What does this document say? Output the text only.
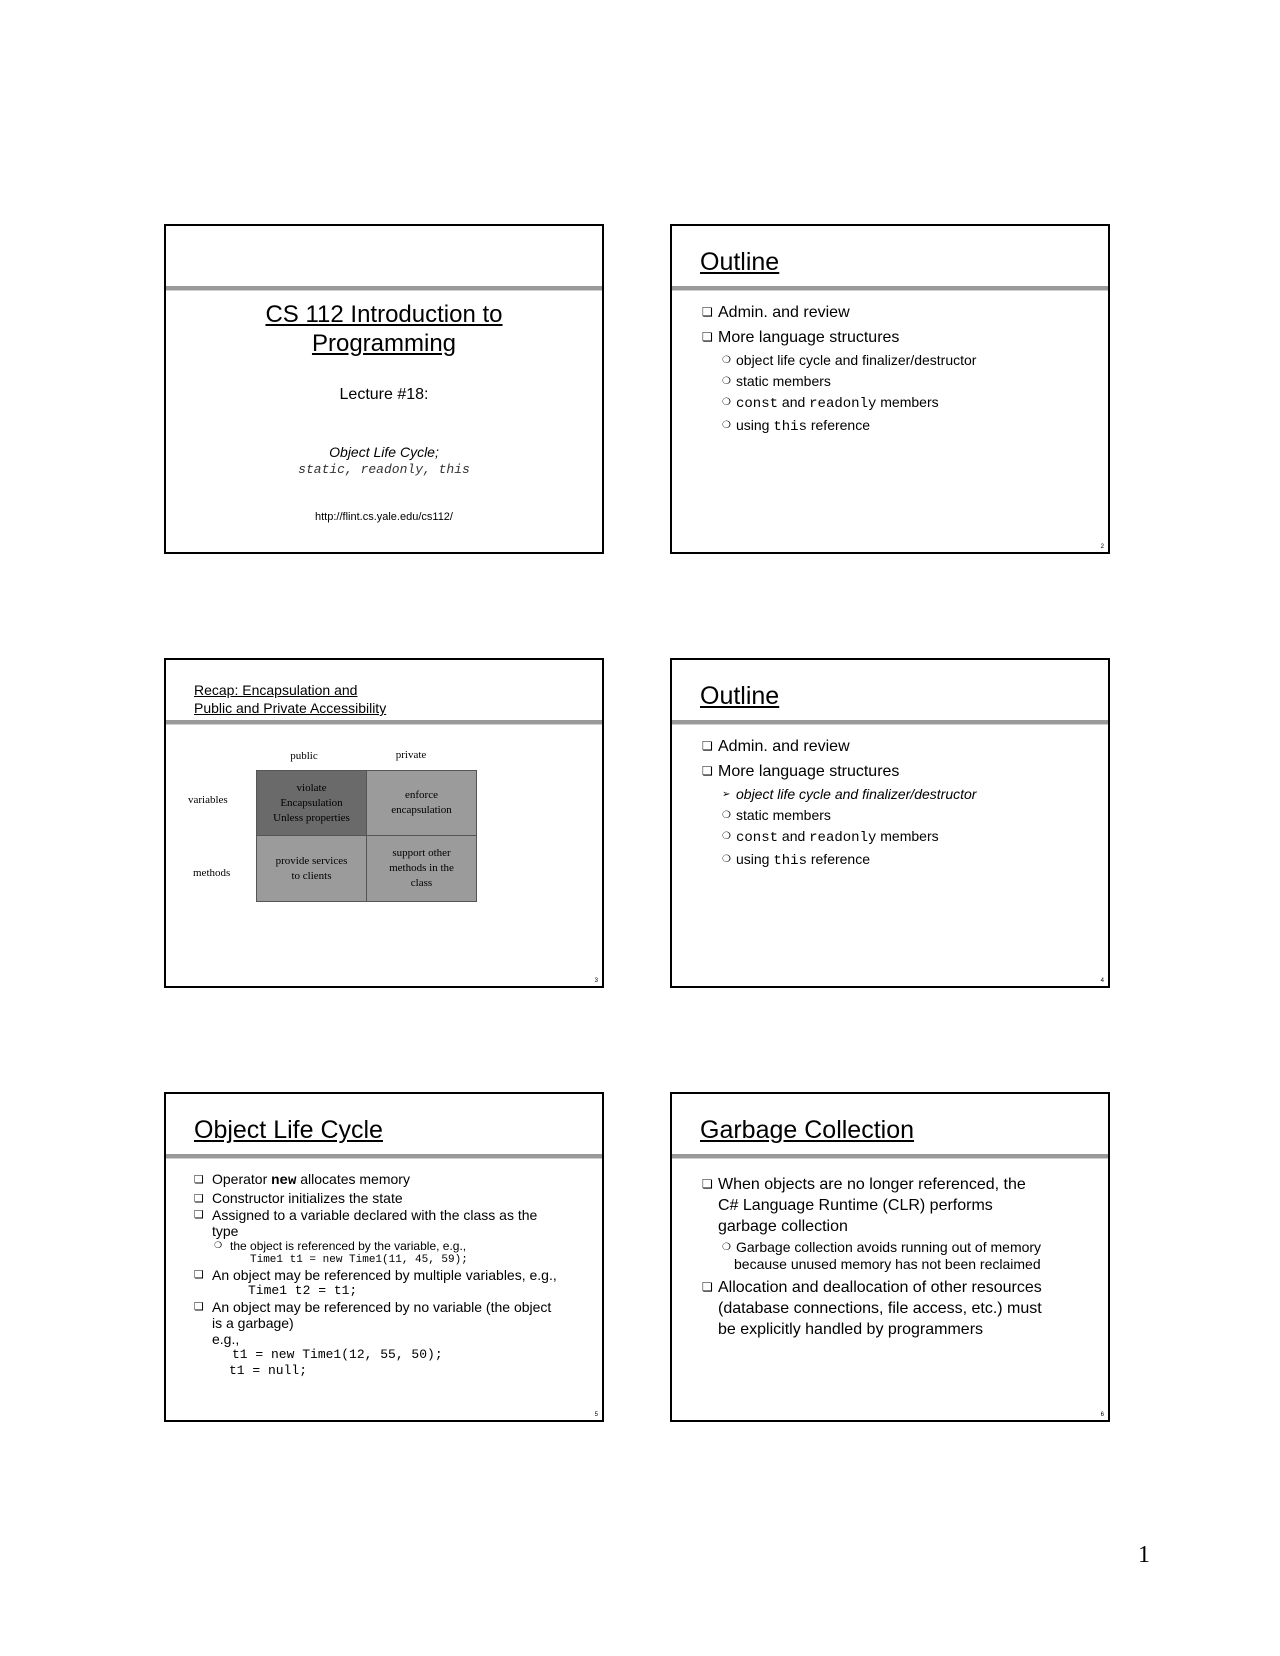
CS 112 Introduction to
Programming
Lecture #18:
Object Life Cycle;
static, readonly, this
http://flint.cs.yale.edu/cs112/
Outline
❏ Admin. and review
❏ More language structures
❍ object life cycle and finalizer/destructor
❍ static members
❍ const and readonly members
❍ using this reference
2
Recap: Encapsulation and
Public and Private Accessibility
public	private
variables
methods
violate
Encapsulation
Unless properties
enforce
encapsulation
provide services
to clients
support other
methods in the
class
3
Outline
❏ Admin. and review
❏ More language structures
➢ object life cycle and finalizer/destructor
❍ static members
❍ const and readonly members
❍ using this reference
4
Object Life Cycle
❏ Operator new allocates memory
❏ Constructor initializes the state
❏ Assigned to a variable declared with the class as the
type
❍ the object is referenced by the variable, e.g.,
Time1 t1 = new Time1(11, 45, 59);
❏ An object may be referenced by multiple variables, e.g.,
Time1 t2 = t1;
❏ An object may be referenced by no variable (the object
is a garbage)
e.g.,
t1 = new Time1(12, 55, 50);
t1 = null;
5
Garbage Collection
❏ When objects are no longer referenced, the
C# Language Runtime (CLR) performs
garbage collection
❍ Garbage collection avoids running out of memory
because unused memory has not been reclaimed
❏ Allocation and deallocation of other resources
(database connections, file access, etc.) must
be explicitly handled by programmers
6
1
